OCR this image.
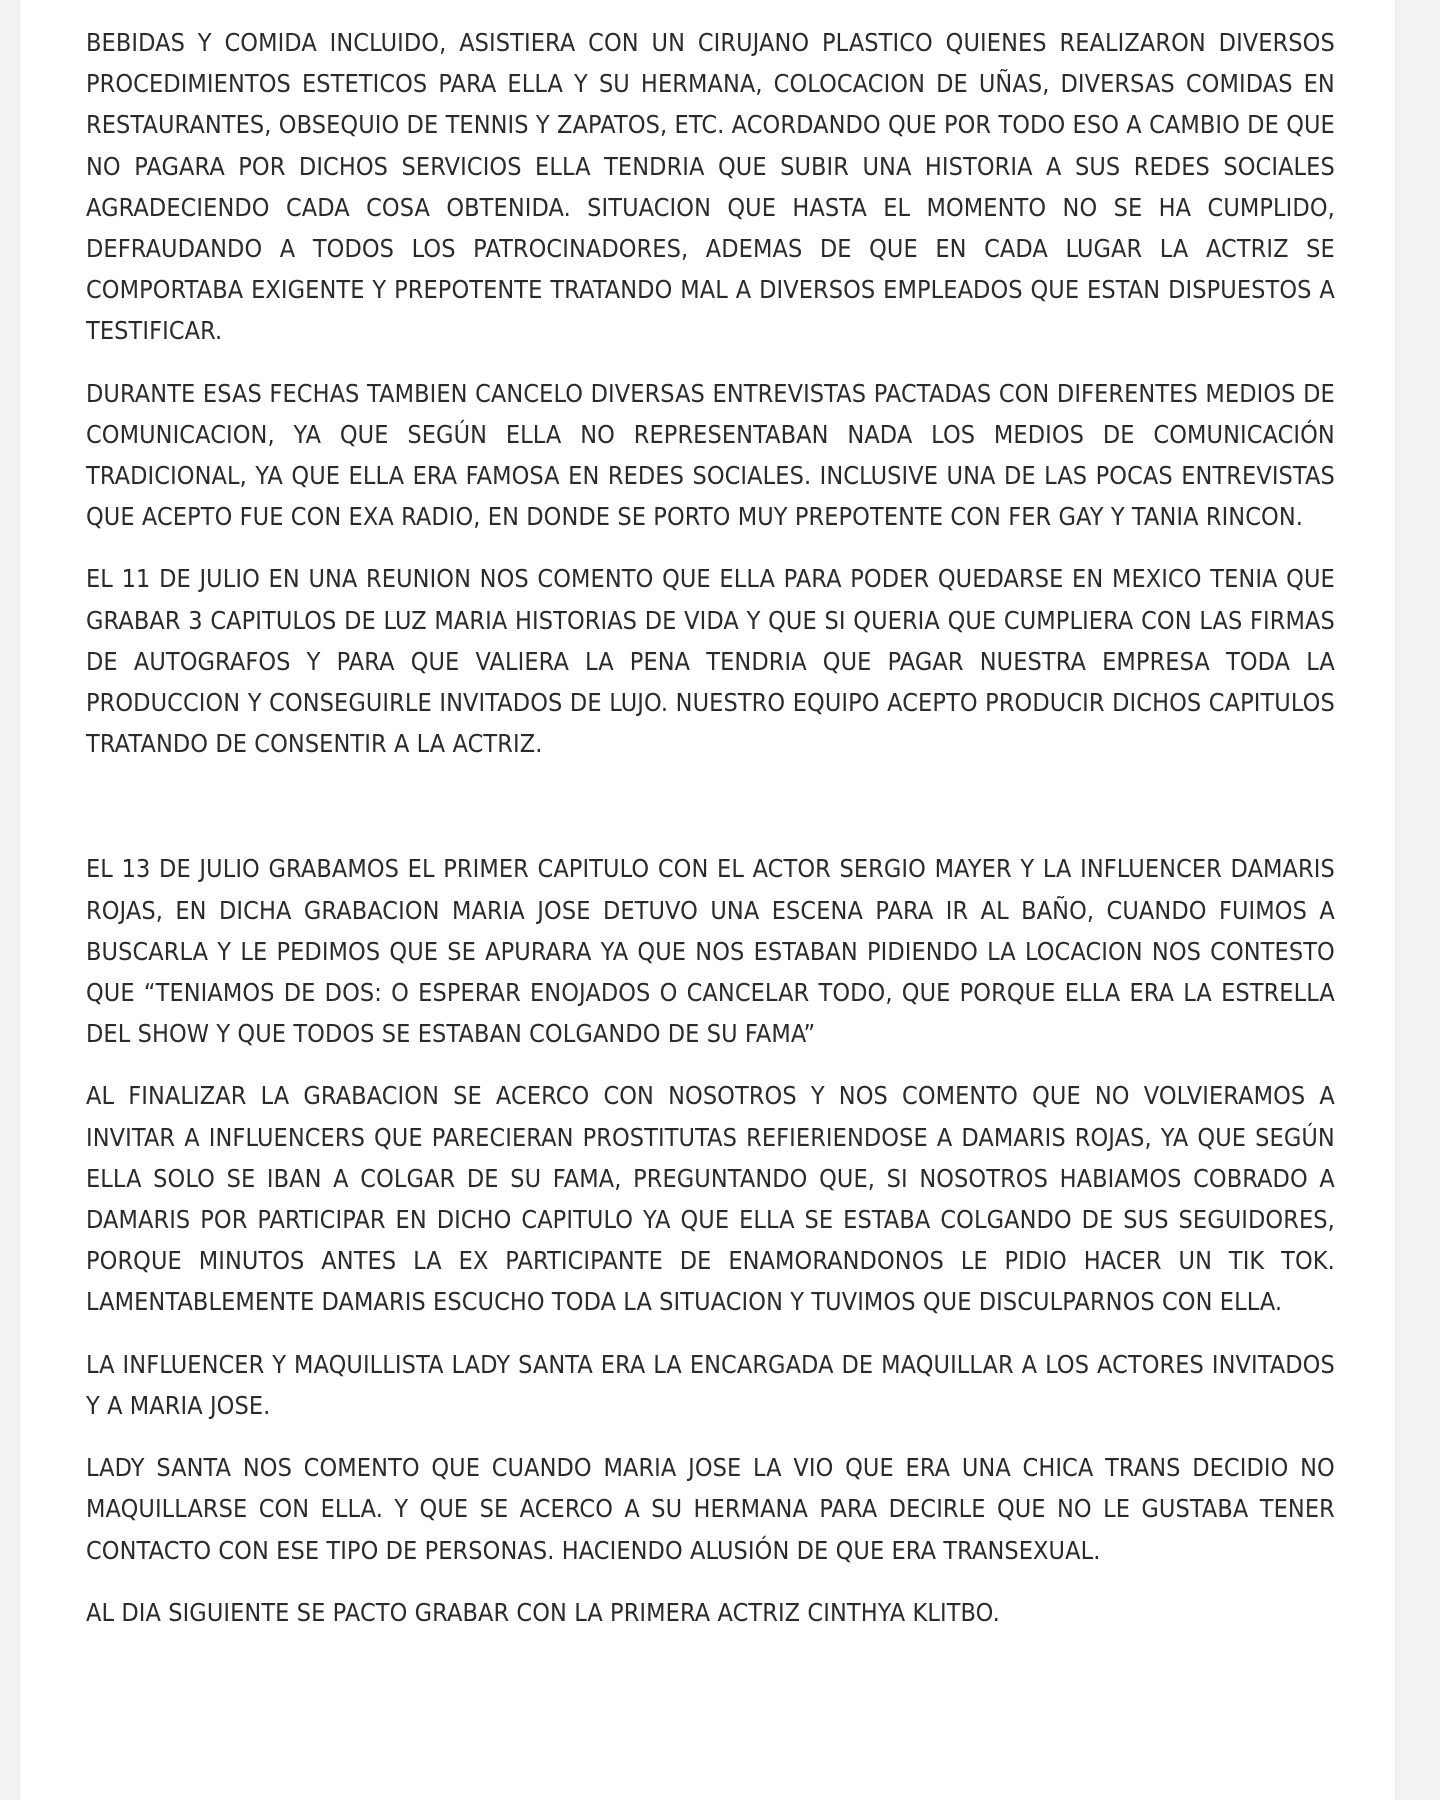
BEBIDAS Y COMIDA INCLUIDO, ASISTIERA CON UN CIRUJANO PLASTICO QUIENES REALIZARON DIVERSOS PROCEDIMIENTOS ESTETICOS PARA ELLA Y SU HERMANA, COLOCACION DE UÑAS, DIVERSAS COMIDAS EN RESTAURANTES, OBSEQUIO DE TENNIS Y ZAPATOS, ETC. ACORDANDO QUE POR TODO ESO A CAMBIO DE QUE NO PAGARA POR DICHOS SERVICIOS ELLA TENDRIA QUE SUBIR UNA HISTORIA A SUS REDES SOCIALES AGRADECIENDO CADA COSA OBTENIDA. SITUACION QUE HASTA EL MOMENTO NO SE HA CUMPLIDO, DEFRAUDANDO A TODOS LOS PATROCINADORES, ADEMAS DE QUE EN CADA LUGAR LA ACTRIZ SE COMPORTABA EXIGENTE Y PREPOTENTE TRATANDO MAL A DIVERSOS EMPLEADOS QUE ESTAN DISPUESTOS A TESTIFICAR.

DURANTE ESAS FECHAS TAMBIEN CANCELO DIVERSAS ENTREVISTAS PACTADAS CON DIFERENTES MEDIOS DE COMUNICACION, YA QUE SEGÚN ELLA NO REPRESENTABAN NADA LOS MEDIOS DE COMUNICACIÓN TRADICIONAL, YA QUE ELLA ERA FAMOSA EN REDES SOCIALES. INCLUSIVE UNA DE LAS POCAS ENTREVISTAS QUE ACEPTO FUE CON EXA RADIO, EN DONDE SE PORTO MUY PREPOTENTE CON FER GAY Y TANIA RINCON.

EL 11 DE JULIO EN UNA REUNION NOS COMENTO QUE ELLA PARA PODER QUEDARSE EN MEXICO TENIA QUE GRABAR 3 CAPITULOS DE LUZ MARIA HISTORIAS DE VIDA Y QUE SI QUERIA QUE CUMPLIERA CON LAS FIRMAS DE AUTOGRAFOS Y PARA QUE VALIERA LA PENA TENDRIA QUE PAGAR NUESTRA EMPRESA TODA LA PRODUCCION Y CONSEGUIRLE INVITADOS DE LUJO. NUESTRO EQUIPO ACEPTO PRODUCIR DICHOS CAPITULOS TRATANDO DE CONSENTIR A LA ACTRIZ.

EL 13 DE JULIO GRABAMOS EL PRIMER CAPITULO CON EL ACTOR SERGIO MAYER Y LA INFLUENCER DAMARIS ROJAS, EN DICHA GRABACION MARIA JOSE DETUVO UNA ESCENA PARA IR AL BAÑO, CUANDO FUIMOS A BUSCARLA Y LE PEDIMOS QUE SE APURARA YA QUE NOS ESTABAN PIDIENDO LA LOCACION NOS CONTESTO QUE “TENIAMOS DE DOS: O ESPERAR ENOJADOS O CANCELAR TODO, QUE PORQUE ELLA ERA LA ESTRELLA DEL SHOW Y QUE TODOS SE ESTABAN COLGANDO DE SU FAMA”

AL FINALIZAR LA GRABACION SE ACERCO CON NOSOTROS Y NOS COMENTO QUE NO VOLVIERAMOS A INVITAR A INFLUENCERS QUE PARECIERAN PROSTITUTAS REFIERIENDOSE A DAMARIS ROJAS, YA QUE SEGÚN ELLA SOLO SE IBAN A COLGAR DE SU FAMA, PREGUNTANDO QUE, SI NOSOTROS HABIAMOS COBRADO A DAMARIS POR PARTICIPAR EN DICHO CAPITULO YA QUE ELLA SE ESTABA COLGANDO DE SUS SEGUIDORES, PORQUE MINUTOS ANTES LA EX PARTICIPANTE DE ENAMORANDONOS LE PIDIO HACER UN TIK TOK. LAMENTABLEMENTE DAMARIS ESCUCHO TODA LA SITUACION Y TUVIMOS QUE DISCULPARNOS CON ELLA.

LA INFLUENCER Y MAQUILLISTA LADY SANTA ERA LA ENCARGADA DE MAQUILLAR A LOS ACTORES INVITADOS Y A MARIA JOSE.

LADY SANTA NOS COMENTO QUE CUANDO MARIA JOSE LA VIO QUE ERA UNA CHICA TRANS DECIDIO NO MAQUILLARSE CON ELLA. Y QUE SE ACERCO A SU HERMANA PARA DECIRLE QUE NO LE GUSTABA TENER CONTACTO CON ESE TIPO DE PERSONAS. HACIENDO ALUSIÓN DE QUE ERA TRANSEXUAL.

AL DIA SIGUIENTE SE PACTO GRABAR CON LA PRIMERA ACTRIZ CINTHYA KLITBO.
